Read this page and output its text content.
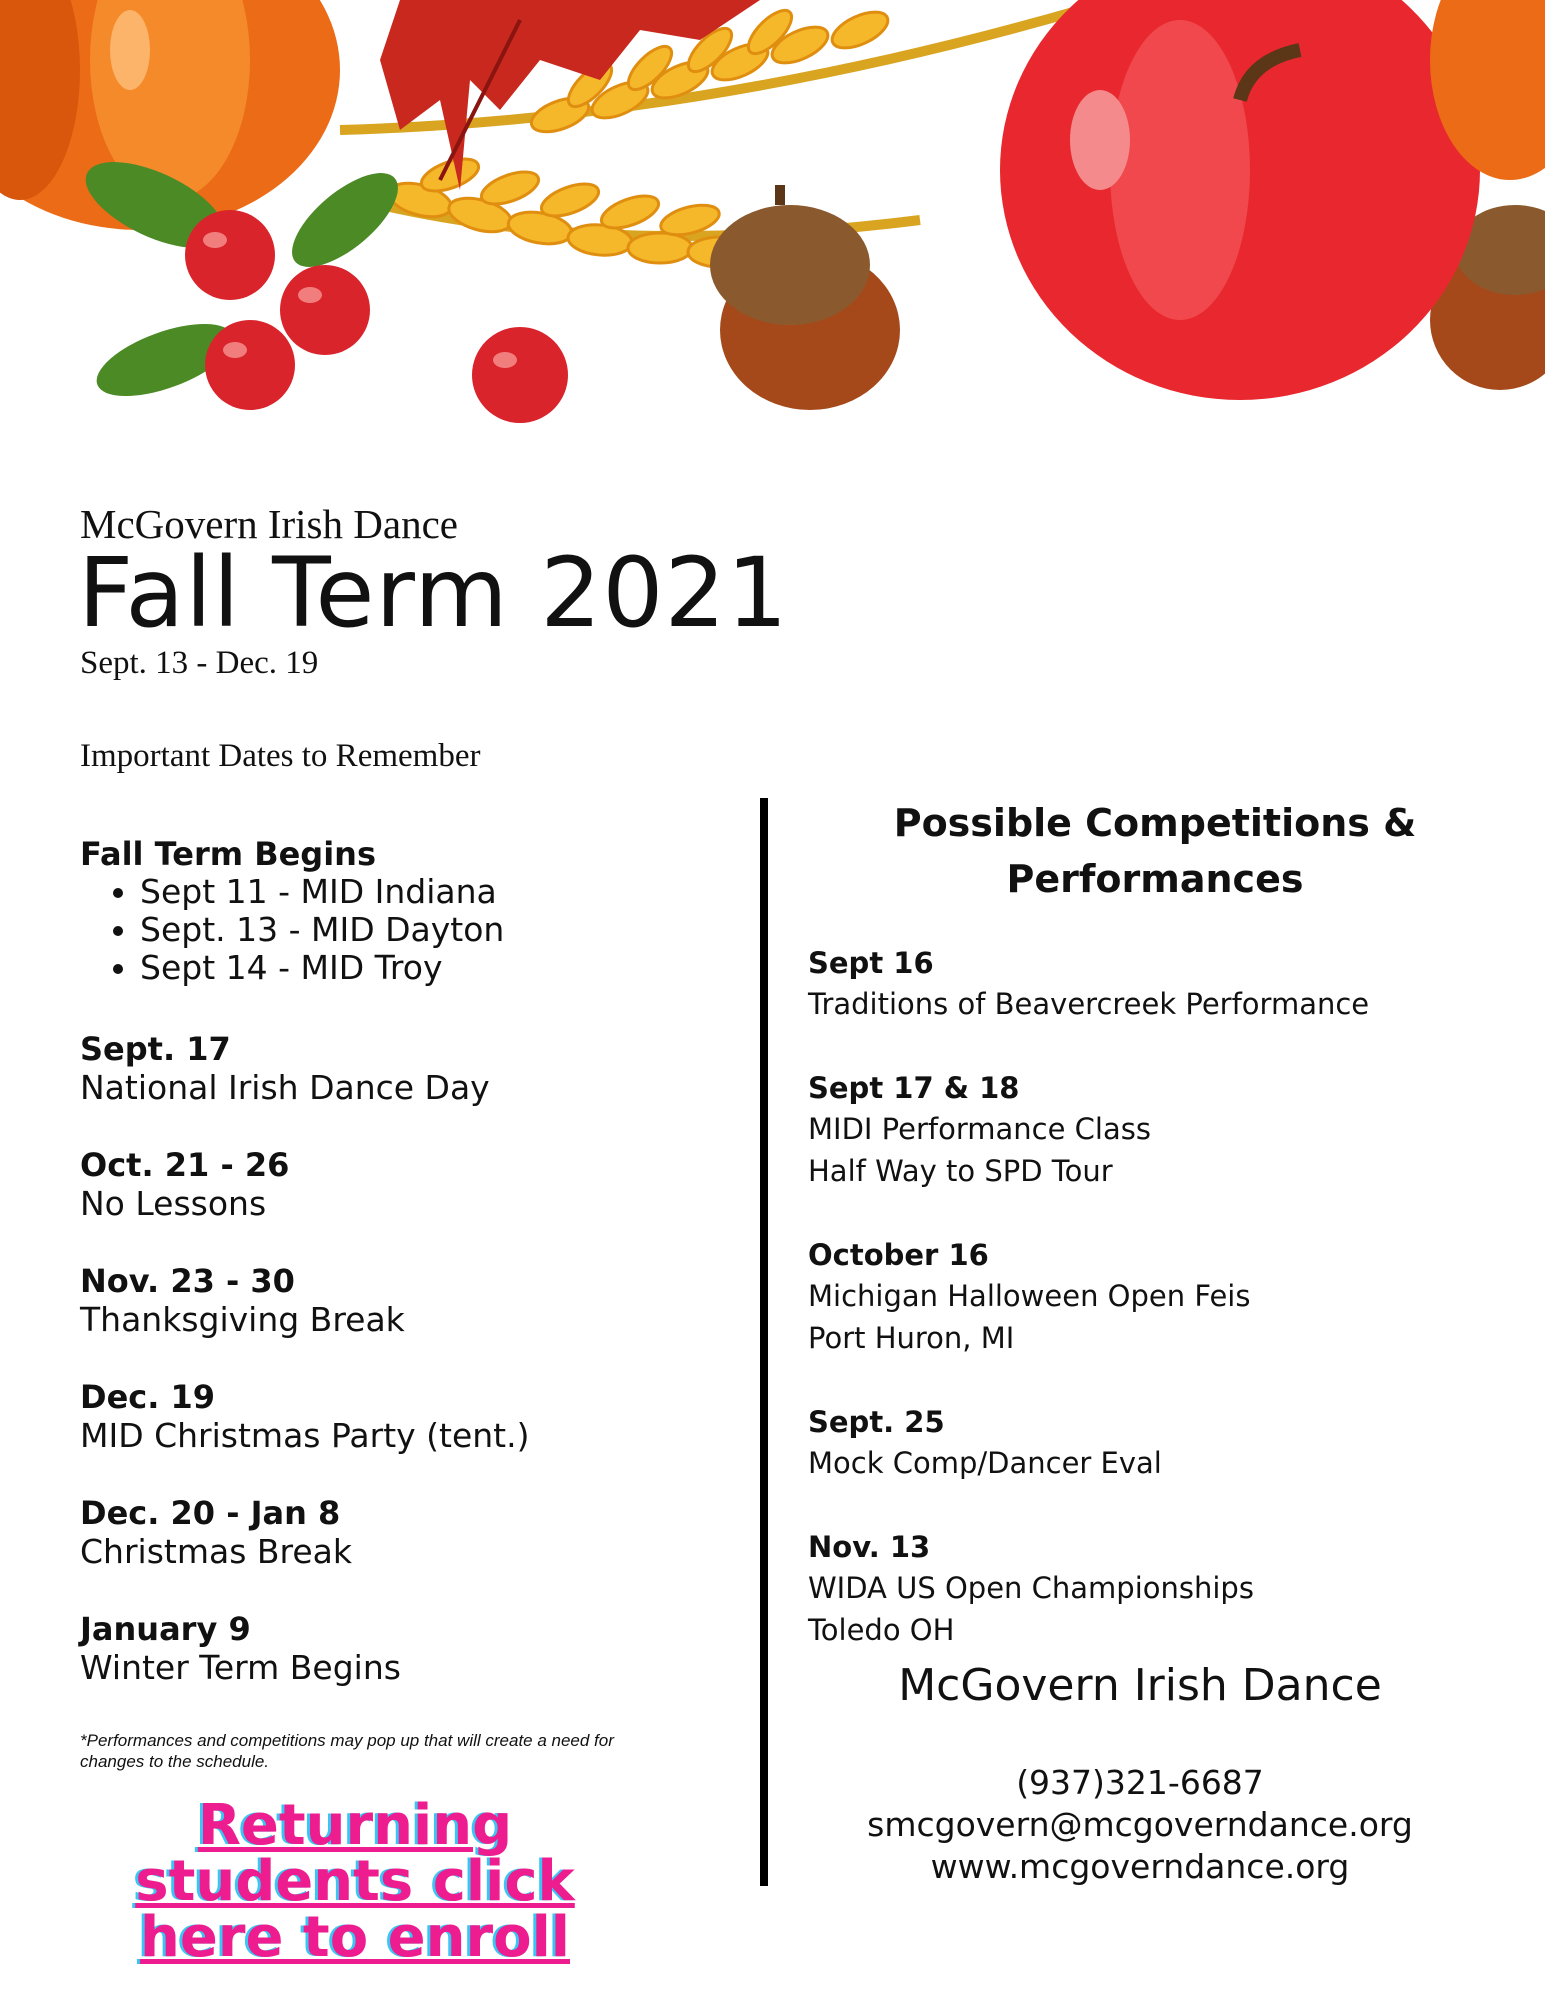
McGovern Irish Dance
Fall Term 2021
Sept. 13 - Dec. 19
Important Dates to Remember
Fall Term Begins
• Sept 11 - MID Indiana
• Sept. 13 - MID Dayton
• Sept 14 - MID Troy
Sept. 17
National Irish Dance Day
Oct. 21 - 26
No Lessons
Nov. 23 - 30
Thanksgiving Break
Dec. 19
MID Christmas Party (tent.)
Dec. 20 - Jan 8
Christmas Break
January 9
Winter Term Begins
*Performances and competitions may pop up that will create a need for changes to the schedule.
Returning students click here to enroll
Possible Competitions & Performances
Sept 16
Traditions of Beavercreek Performance
Sept 17 & 18
MIDI Performance Class
Half Way to SPD Tour
October 16
Michigan Halloween Open Feis
Port Huron, MI
Sept. 25
Mock Comp/Dancer Eval
Nov. 13
WIDA US Open Championships
Toledo OH
McGovern Irish Dance
(937)321-6687
smcgovern@mcgoverndance.org
www.mcgoverndance.org
